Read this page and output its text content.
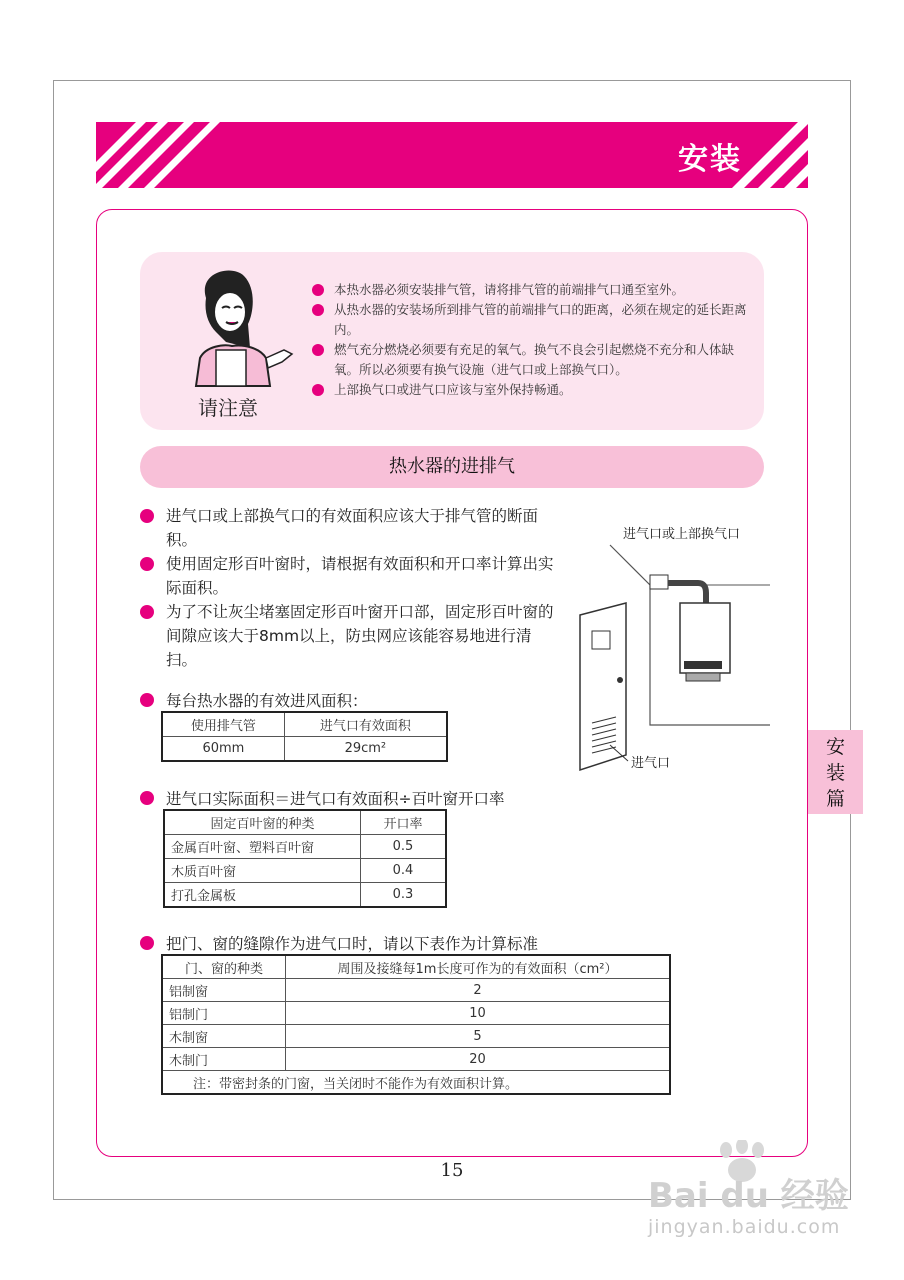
安装
请注意
本热水器必须安装排气管，请将排气管的前端排气口通至室外。
从热水器的安装场所到排气管的前端排气口的距离，必须在规定的延长距离内。
燃气充分燃烧必须要有充足的氧气。换气不良会引起燃烧不充分和人体缺氧。所以必须要有换气设施（进气口或上部换气口）。
上部换气口或进气口应该与室外保持畅通。
热水器的进排气
进气口或上部换气口的有效面积应该大于排气管的断面积。
使用固定形百叶窗时，请根据有效面积和开口率计算出实际面积。
为了不让灰尘堵塞固定形百叶窗开口部，固定形百叶窗的间隙应该大于8mm以上，防虫网应该能容易地进行清扫。
进气口或上部换气口
进气口
每台热水器的有效进风面积：
使用排气管	进气口有效面积
60mm	29cm²
进气口实际面积＝进气口有效面积÷百叶窗开口率
固定百叶窗的种类	开口率
金属百叶窗、塑料百叶窗	0.5
木质百叶窗	0.4
打孔金属板	0.3
把门、窗的缝隙作为进气口时，请以下表作为计算标准
门、窗的种类	周围及接缝每1m长度可作为的有效面积（cm²）
铝制窗	2
铝制门	10
木制窗	5
木制门	20
注：带密封条的门窗，当关闭时不能作为有效面积计算。	
安
装
篇
15
Bai du 经验
jingyan.baidu.com
